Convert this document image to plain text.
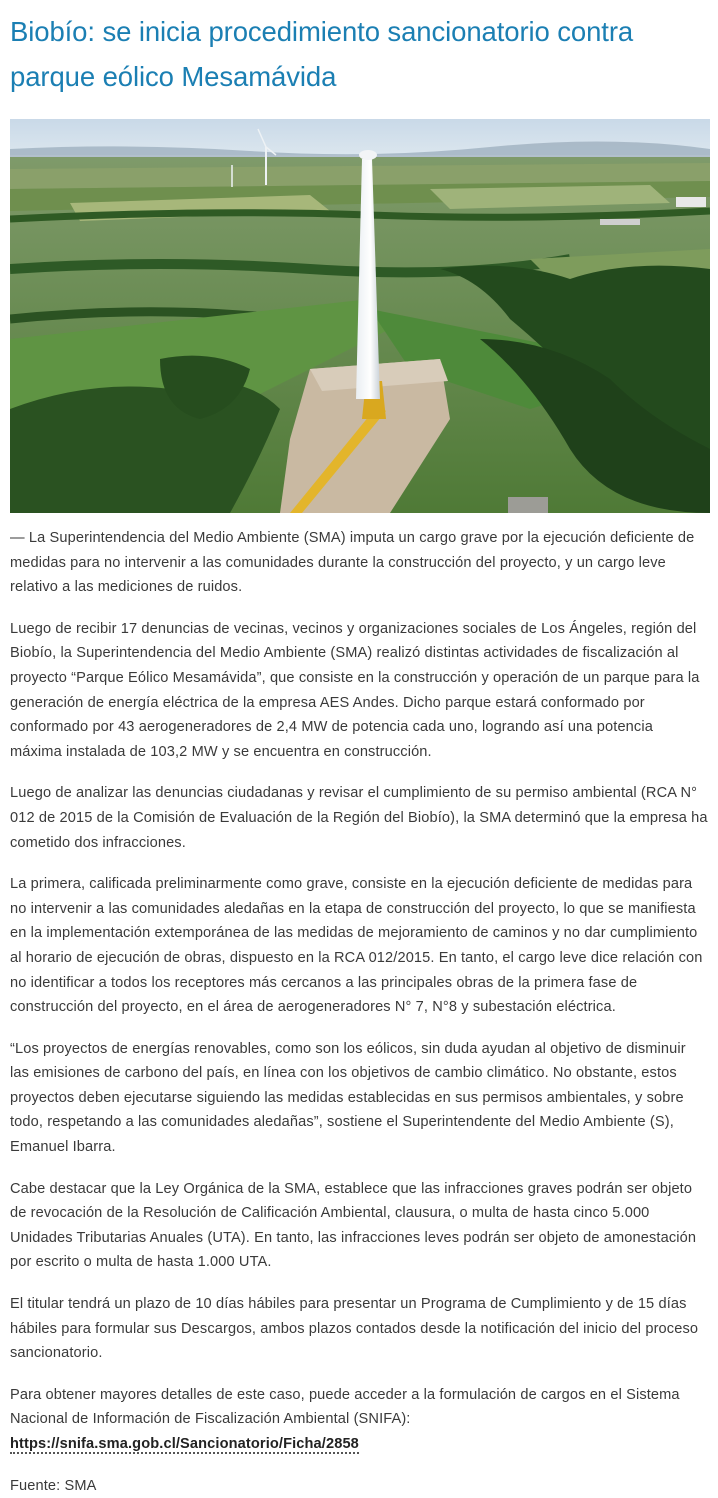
Biobío: se inicia procedimiento sancionatorio contra parque eólico Mesamávida

— La Superintendencia del Medio Ambiente (SMA) imputa un cargo grave por la ejecución deficiente de medidas para no intervenir a las comunidades durante la construcción del proyecto, y un cargo leve relativo a las mediciones de ruidos.

Luego de recibir 17 denuncias de vecinas, vecinos y organizaciones sociales de Los Ángeles, región del Biobío, la Superintendencia del Medio Ambiente (SMA) realizó distintas actividades de fiscalización al proyecto “Parque Eólico Mesamávida”, que consiste en la construcción y operación de un parque para la generación de energía eléctrica de la empresa AES Andes. Dicho parque estará conformado por conformado por 43 aerogeneradores de 2,4 MW de potencia cada uno, logrando así una potencia máxima instalada de 103,2 MW y se encuentra en construcción.

Luego de analizar las denuncias ciudadanas y revisar el cumplimiento de su permiso ambiental (RCA N° 012 de 2015 de la Comisión de Evaluación de la Región del Biobío), la SMA determinó que la empresa ha cometido dos infracciones.

La primera, calificada preliminarmente como grave, consiste en la ejecución deficiente de medidas para no intervenir a las comunidades aledañas en la etapa de construcción del proyecto, lo que se manifiesta en la implementación extemporánea de las medidas de mejoramiento de caminos y no dar cumplimiento al horario de ejecución de obras, dispuesto en la RCA 012/2015. En tanto, el cargo leve dice relación con no identificar a todos los receptores más cercanos a las principales obras de la primera fase de construcción del proyecto, en el área de aerogeneradores N° 7, N°8 y subestación eléctrica.

“Los proyectos de energías renovables, como son los eólicos, sin duda ayudan al objetivo de disminuir las emisiones de carbono del país, en línea con los objetivos de cambio climático. No obstante, estos proyectos deben ejecutarse siguiendo las medidas establecidas en sus permisos ambientales, y sobre todo, respetando a las comunidades aledañas”, sostiene el Superintendente del Medio Ambiente (S), Emanuel Ibarra.

Cabe destacar que la Ley Orgánica de la SMA, establece que las infracciones graves podrán ser objeto de revocación de la Resolución de Calificación Ambiental, clausura, o multa de hasta cinco 5.000 Unidades Tributarias Anuales (UTA). En tanto, las infracciones leves podrán ser objeto de amonestación por escrito o multa de hasta 1.000 UTA.

El titular tendrá un plazo de 10 días hábiles para presentar un Programa de Cumplimiento y de 15 días hábiles para formular sus Descargos, ambos plazos contados desde la notificación del inicio del proceso sancionatorio.

Para obtener mayores detalles de este caso, puede acceder a la formulación de cargos en el Sistema Nacional de Información de Fiscalización Ambiental (SNIFA): https://snifa.sma.gob.cl/Sancionatorio/Ficha/2858

Fuente: SMA
